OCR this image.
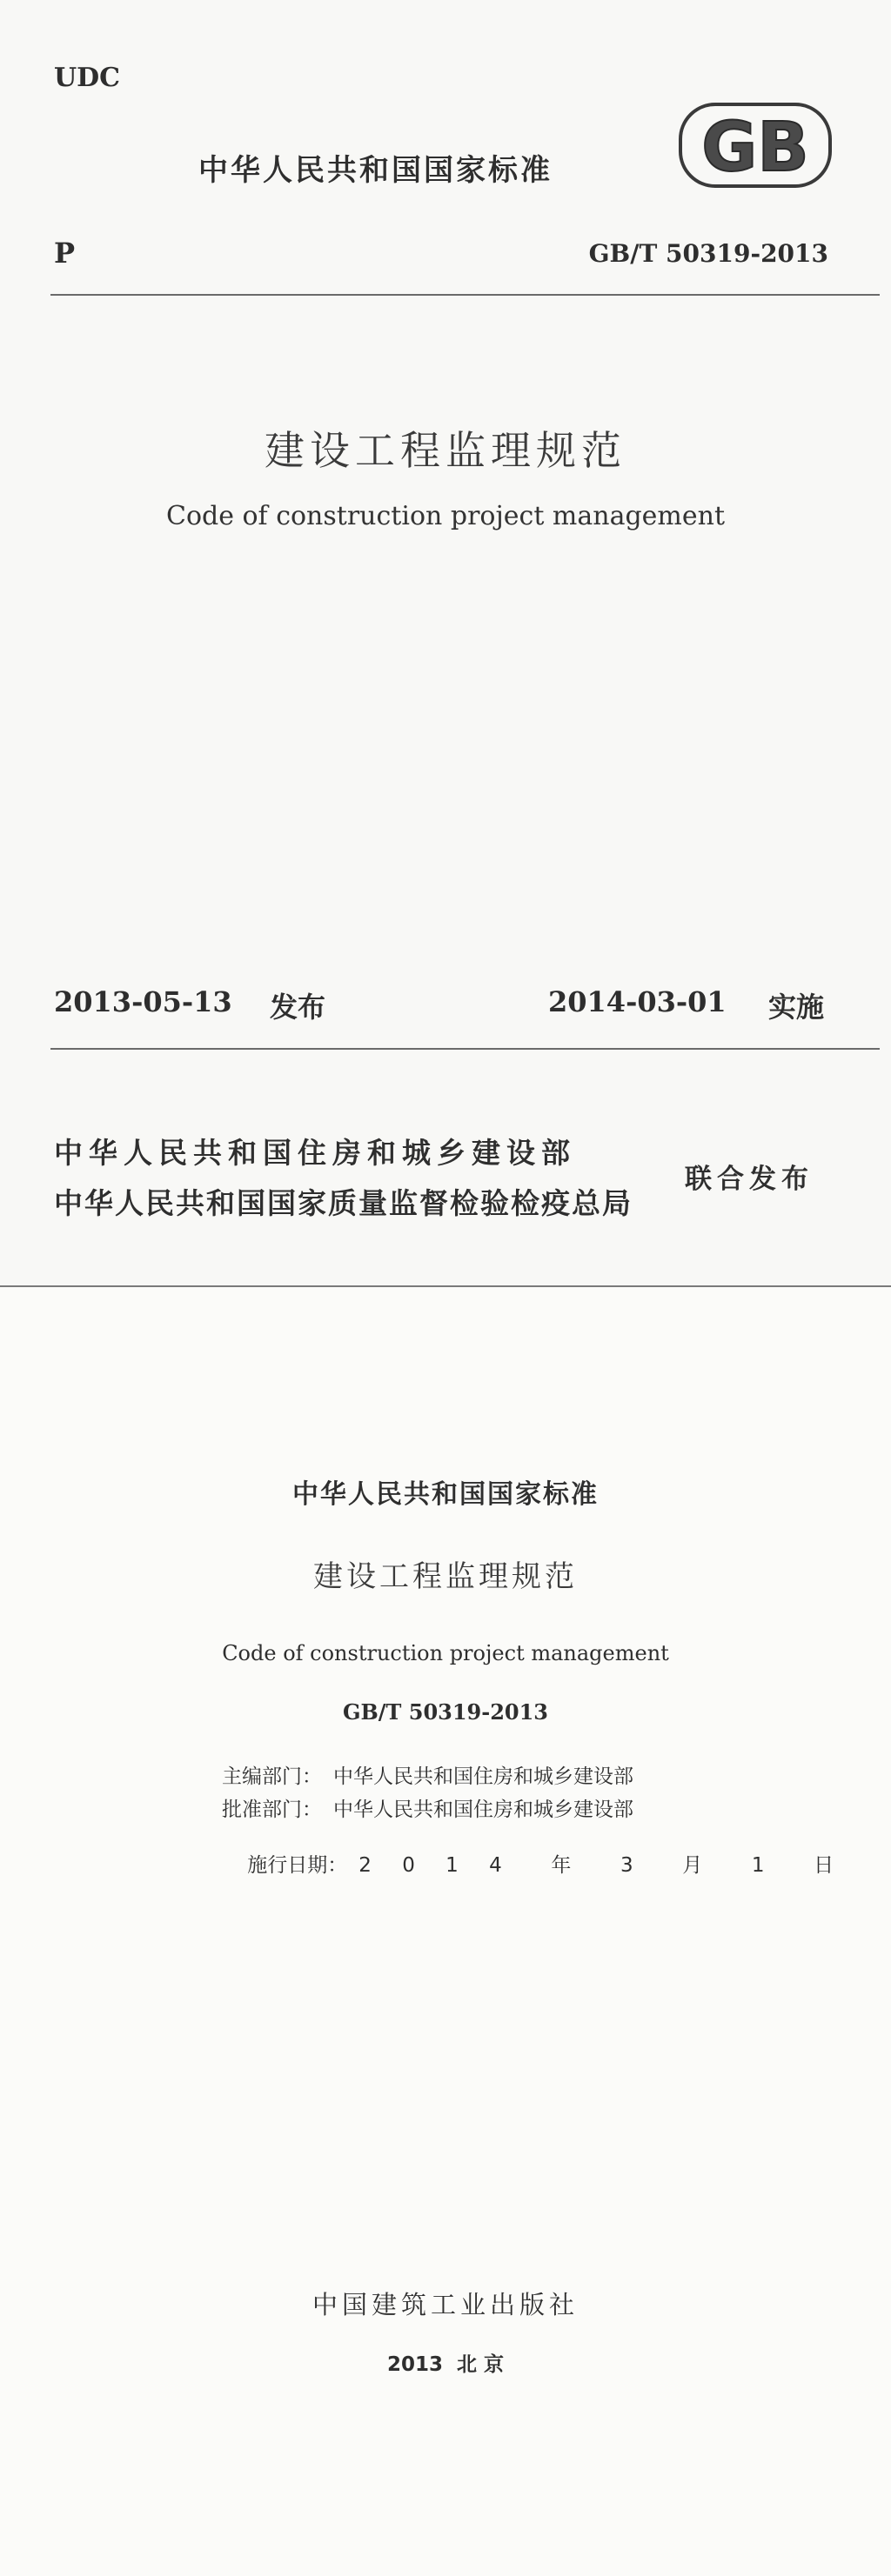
UDC
中华人民共和国国家标准 GB
P	GB/T 50319-2013
建设工程监理规范
Code of construction project management
2013-05-13 发布	2014-03-01 实施
中华人民共和国住房和城乡建设部
中华人民共和国国家质量监督检验检疫总局
联合发布
中华人民共和国国家标准
建设工程监理规范
Code of construction project management
GB/T 50319-2013
主编部门： 中华人民共和国住房和城乡建设部
批准部门： 中华人民共和国住房和城乡建设部

施行日期： 2 0 1 4  年  3  月  1  日

中国建筑工业出版社
2013  北 京
